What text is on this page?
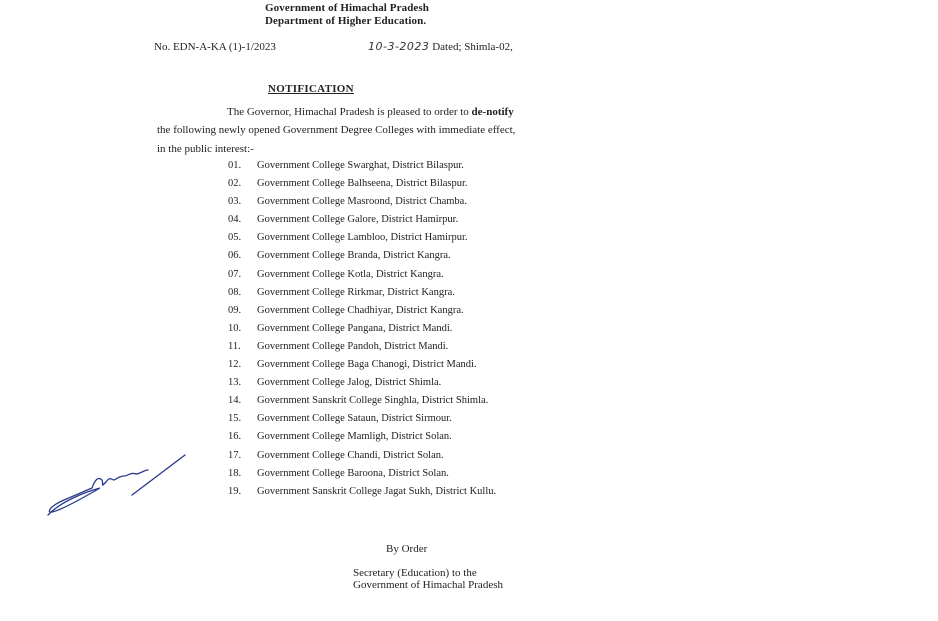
Government of Himachal Pradesh
Department of Higher Education.
No. EDN-A-KA (1)-1/2023	10-3-2023 Dated; Shimla-02,
NOTIFICATION
The Governor, Himachal Pradesh is pleased to order to de-notify
the following newly opened Government Degree Colleges with immediate effect,
in the public interest:-
01.	Government College Swarghat, District Bilaspur.
02.	Government College Balhseena, District Bilaspur.
03.	Government College Masroond, District Chamba.
04.	Government College Galore, District Hamirpur.
05.	Government College Lambloo, District Hamirpur.
06.	Government College Branda, District Kangra.
07.	Government College Kotla, District Kangra.
08.	Government College Rirkmar, District Kangra.
09.	Government College Chadhiyar, District Kangra.
10.	Government College Pangana, District Mandi.
11.	Government College Pandoh, District Mandi.
12.	Government College Baga Chanogi, District Mandi.
13.	Government College Jalog, District Shimla.
14.	Government Sanskrit College Singhla, District Shimla.
15.	Government College Sataun, District Sirmour.
16.	Government College Mamligh, District Solan.
17.	Government College Chandi, District Solan.
18.	Government College Baroona, District Solan.
19.	Government Sanskrit College Jagat Sukh, District Kullu.
By Order
Secretary (Education) to the
Government of Himachal Pradesh
